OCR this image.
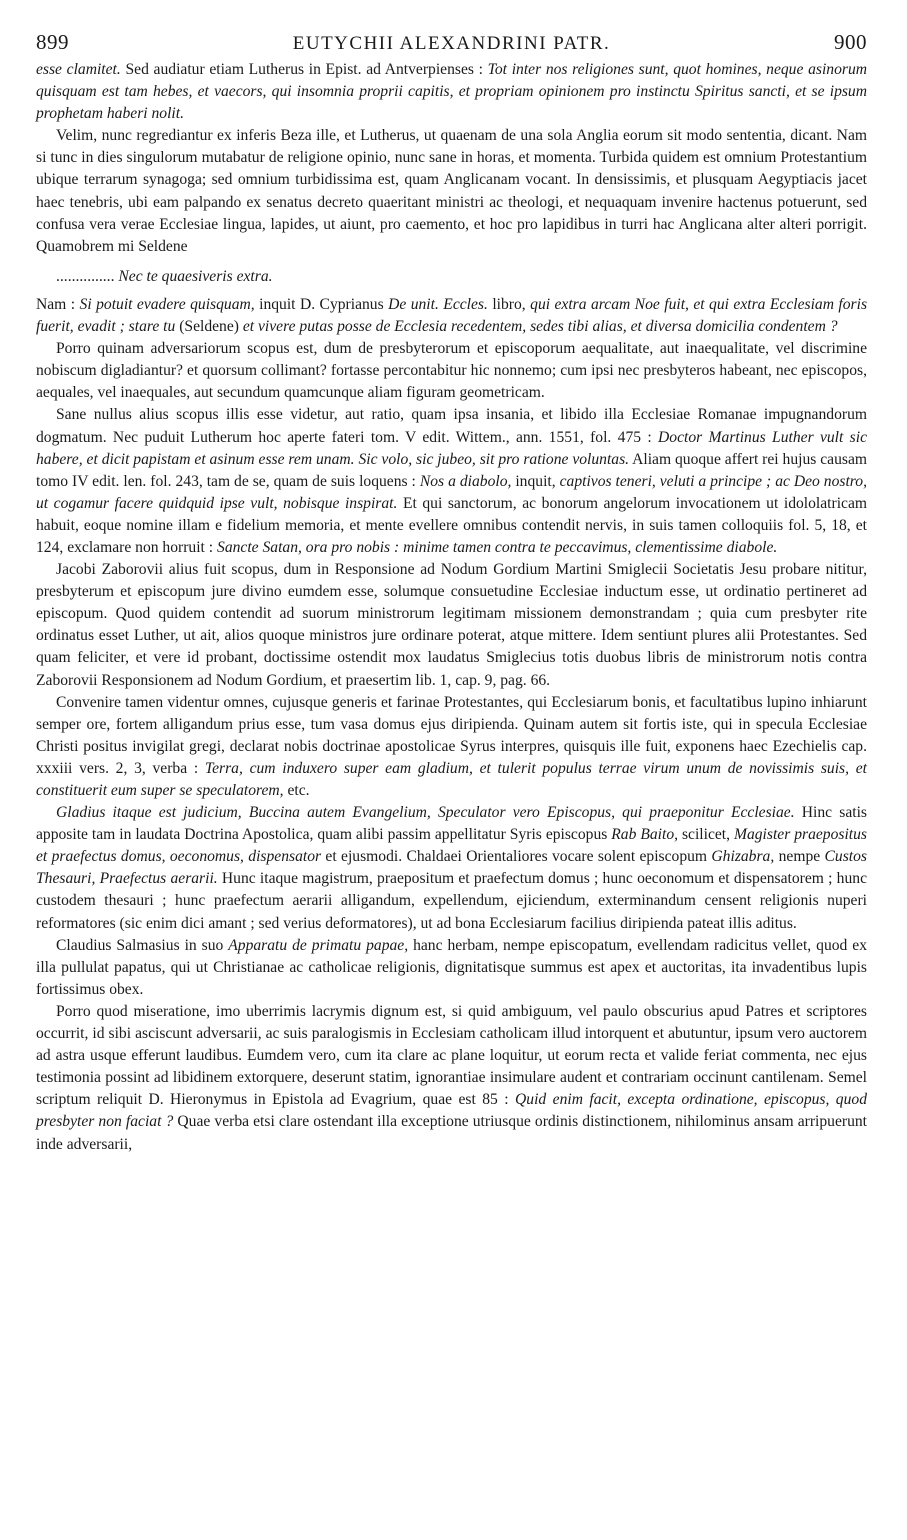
899	EUTYCHII ALEXANDRINI PATR.	900

esse clamitet. Sed audiatur etiam Lutherus in Epist. ad Antverpienses : Tot inter nos religiones sunt, quot homines, neque asinorum quisquam est tam hebes, et vaecors, qui insomnia proprii capitis, et propriam opinionem pro instinctu Spiritus sancti, et se ipsum prophetam haberi nolit.

Velim, nunc regrediantur ex inferis Beza ille, et Lutherus, ut quaenam de una sola Anglia eorum sit modo sententia, dicant. Nam si tunc in dies singulorum mutabatur de religione opinio, nunc sane in horas, et momenta. Turbida quidem est omnium Protestantium ubique terrarum synagoga; sed omnium turbidissima est, quam Anglicanam vocant. In densissimis, et plusquam Aegyptiacis jacet haec tenebris, ubi eam palpando ex senatus decreto quaeritant ministri ac theologi, et nequaquam invenire hactenus potuerunt, sed confusa vera verae Ecclesiae lingua, lapides, ut aiunt, pro caemento, et hoc pro lapidibus in turri hac Anglicana alter alteri porrigit. Quamobrem mi Seldene

............... Nec te quaesiveris extra.

Nam : Si potuit evadere quisquam, inquit D. Cyprianus De unit. Eccles. libro, qui extra arcam Noe fuit, et qui extra Ecclesiam foris fuerit, evadit ; stare tu (Seldene) et vivere putas posse de Ecclesia recedentem, sedes tibi alias, et diversa domicilia condentem ?

Porro quinam adversariorum scopus est, dum de presbyterorum et episcoporum aequalitate, aut inaequalitate, vel discrimine nobiscum digladiantur? et quorsum collimant? fortasse percontabitur hic nonnemo; cum ipsi nec presbyteros habeant, nec episcopos, aequales, vel inaequales, aut secundum quamcunque aliam figuram geometricam.

Sane nullus alius scopus illis esse videtur, aut ratio, quam ipsa insania, et libido illa Ecclesiae Romanae impugnandorum dogmatum. Nec puduit Lutherum hoc aperte fateri tom. V edit. Wittem., ann. 1551, fol. 475 : Doctor Martinus Luther vult sic habere, et dicit papistam et asinum esse rem unam. Sic volo, sic jubeo, sit pro ratione voluntas. Aliam quoque affert rei hujus causam tomo IV edit. len. fol. 243, tam de se, quam de suis loquens : Nos a diabolo, inquit, captivos teneri, veluti a principe ; ac Deo nostro, ut cogamur facere quidquid ipse vult, nobisque inspirat. Et qui sanctorum, ac bonorum angelorum invocationem ut idololatricam habuit, eoque nomine illam e fidelium memoria, et mente evellere omnibus contendit nervis, in suis tamen colloquiis fol. 5, 18, et 124, exclamare non horruit : Sancte Satan, ora pro nobis : minime tamen contra te peccavimus, clementissime diabole.

Jacobi Zaborovii alius fuit scopus, dum in Responsione ad Nodum Gordium Martini Smiglecii Societatis Jesu probare nititur, presbyterum et episcopum jure divino eumdem esse, solumque consuetudine Ecclesiae inductum esse, ut ordinatio pertineret ad episcopum. Quod quidem contendit ad suorum ministrorum legitimam missionem demonstrandam ; quia cum presbyter rite ordinatus esset Luther, ut ait, alios quoque ministros jure ordinare poterat, atque mittere. Idem sentiunt plures alii Protestantes. Sed quam feliciter, et vere id probant, doctissime ostendit mox laudatus Smiglecius totis duobus libris de ministrorum notis contra Zaborovii Responsionem ad Nodum Gordium, et praesertim lib. 1, cap. 9, pag. 66.

Convenire tamen videntur omnes, cujusque generis et farinae Protestantes, qui Ecclesiarum bonis, et facultatibus lupino inhiarunt semper ore, fortem alligandum prius esse, tum vasa domus ejus diripienda. Quinam autem sit fortis iste, qui in specula Ecclesiae Christi positus invigilat gregi, declarat nobis doctrinae apostolicae Syrus interpres, quisquis ille fuit, exponens haec Ezechielis cap. xxxiii vers. 2, 3, verba : Terra, cum induxero super eam gladium, et tulerit populus terrae virum unum de novissimis suis, et constituerit eum super se speculatorem, etc.

Gladius itaque est judicium, Buccina autem Evangelium, Speculator vero Episcopus, qui praeponitur Ecclesiae. Hinc satis apposite tam in laudata Doctrina Apostolica, quam alibi passim appellitatur Syris episcopus Rab Baito, scilicet, Magister praepositus et praefectus domus, oeconomus, dispensator et ejusmodi. Chaldaei Orientaliores vocare solent episcopum Ghizabra, nempe Custos Thesauri, Praefectus aerarii. Hunc itaque magistrum, praepositum et praefectum domus ; hunc oeconomum et dispensatorem ; hunc custodem thesauri ; hunc praefectum aerarii alligandum, expellendum, ejiciendum, exterminandum censent religionis nuperi reformatores (sic enim dici amant ; sed verius deformatores), ut ad bona Ecclesiarum facilius diripienda pateat illis aditus.

Claudius Salmasius in suo Apparatu de primatu papae, hanc herbam, nempe episcopatum, evellendam radicitus vellet, quod ex illa pullulat papatus, qui ut Christianae ac catholicae religionis, dignitatisque summus est apex et auctoritas, ita invadentibus lupis fortissimus obex.

Porro quod miseratione, imo uberrimis lacrymis dignum est, si quid ambiguum, vel paulo obscurius apud Patres et scriptores occurrit, id sibi asciscunt adversarii, ac suis paralogismis in Ecclesiam catholicam illud intorquent et abutuntur, ipsum vero auctorem ad astra usque efferunt laudibus. Eumdem vero, cum ita clare ac plane loquitur, ut eorum recta et valide feriat commenta, nec ejus testimonia possint ad libidinem extorquere, deserunt statim, ignorantiae insimulare audent et contrariam occinunt cantilenam. Semel scriptum reliquit D. Hieronymus in Epistola ad Evagrium, quae est 85 : Quid enim facit, excepta ordinatione, episcopus, quod presbyter non faciat ? Quae verba etsi clare ostendant illa exceptione utriusque ordinis distinctionem, nihilominus ansam arripuerunt inde adversarii,
